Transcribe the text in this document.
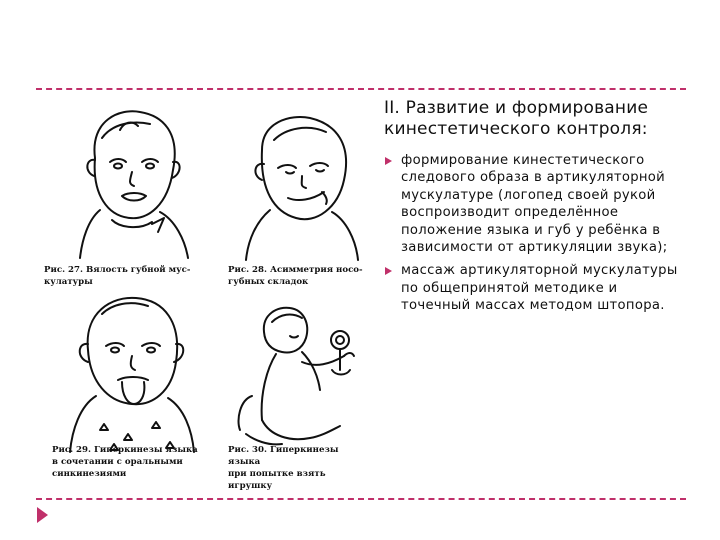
Рис. 27. Вялость губной мус-
кулатуры
Рис. 28. Асимметрия носо-
губных складок
Рис. 29. Гиперкинезы языка
в сочетании с оральными
синкинезиями
Рис. 30. Гиперкинезы языка
при попытке взять игрушку
II. Развитие и формирование кинестетического контроля:
формирование кинестетического следового образа в артикуляторной мускулатуре (логопед своей рукой воспроизводит определённое положение языка и губ у ребёнка в зависимости от артикуляции звука);
массаж артикуляторной мускулатуры по общепринятой методике и точечный массах методом штопора.
